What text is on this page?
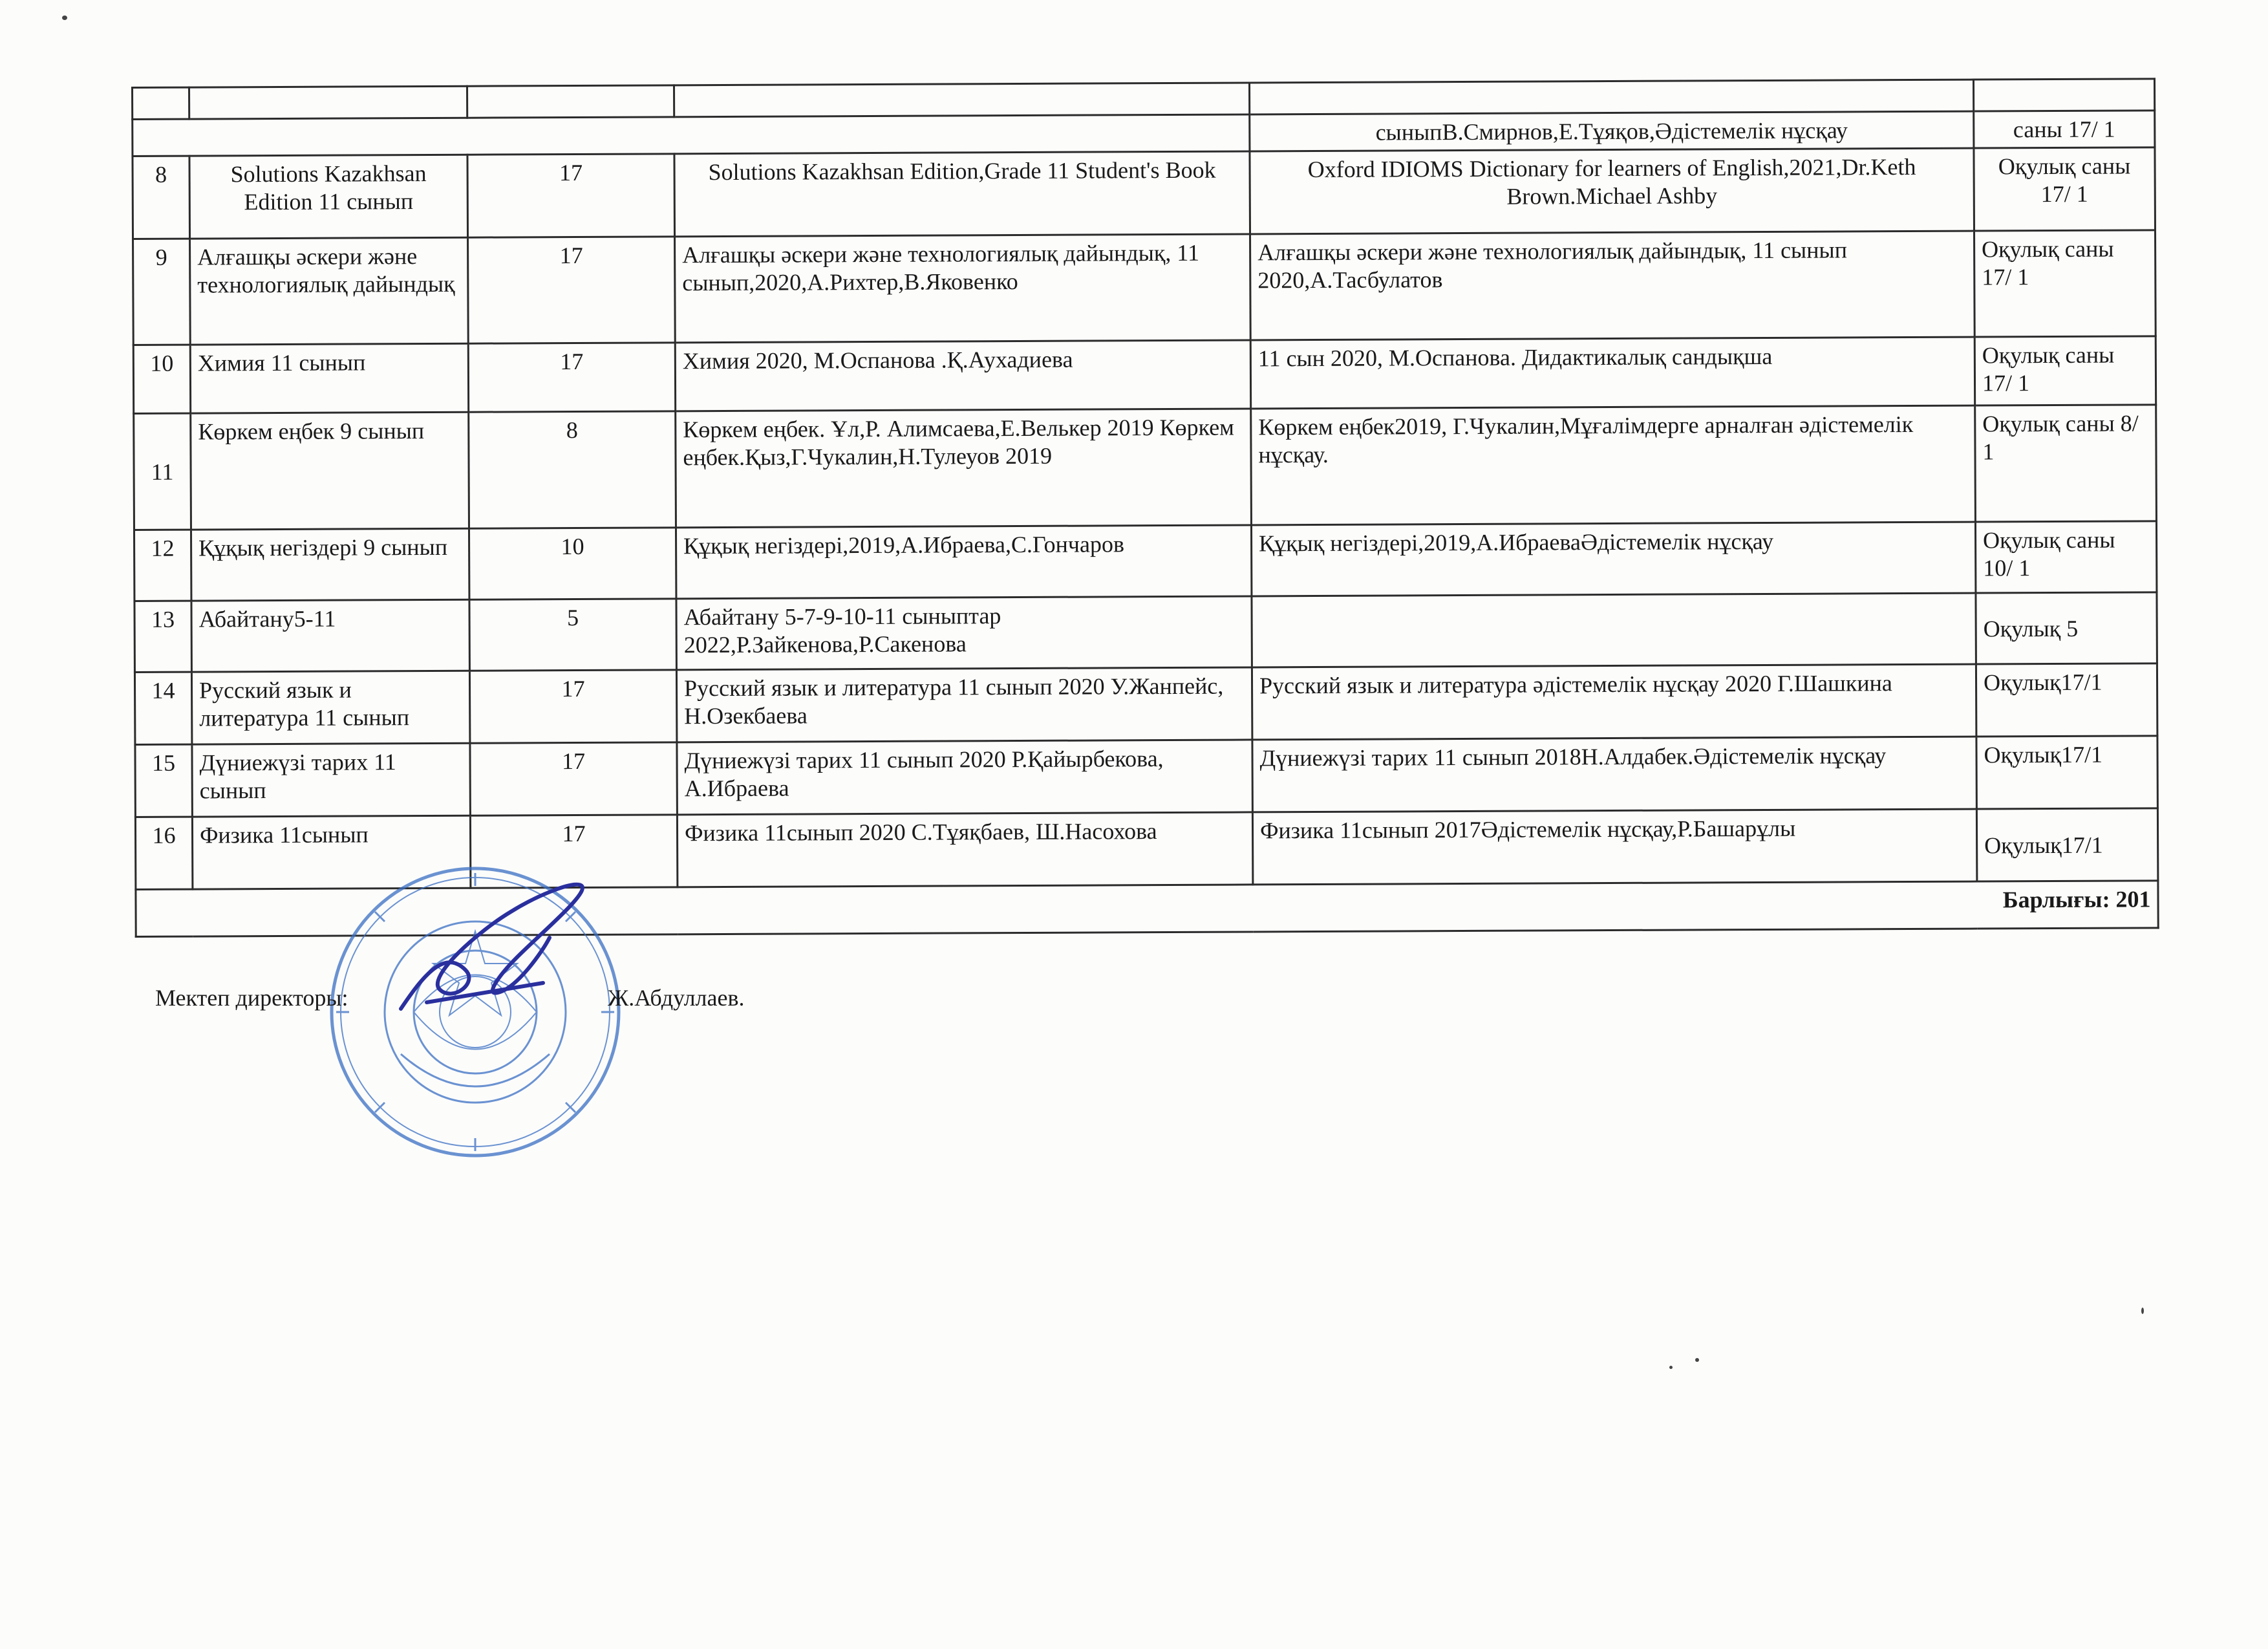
				сыныпВ.Смирнов,Е.Тұяқов,Әдістемелік нұсқау	саны 17/ 1
8	Solutions Kazakhsan Edition 11 сынып	17	Solutions Kazakhsan Edition,Grade 11 Student's Book	Oxford IDIOMS Dictionary for learners of English,2021,Dr.Keth Brown.Michael Ashby	Оқулық саны 17/ 1
9	Алғашқы әскери және технологиялық дайындық	17	Алғашқы әскери және технологиялық дайындық, 11 сынып,2020,А.Рихтер,В.Яковенко	Алғашқы әскери және технологиялық дайындық, 11 сынып 2020,А.Тасбулатов	Оқулық саны 17/ 1
10	Химия 11 сынып	17	Химия 2020, М.Оспанова .Қ.Аухадиева	11 сын 2020, М.Оспанова. Дидактикалық сандықша	Оқулық саны 17/ 1
11	Көркем еңбек 9 сынып	8	Көркем еңбек. Ұл,Р. Алимсаева,Е.Велькер 2019 Көркем еңбек.Қыз,Г.Чукалин,Н.Тулеуов 2019	Көркем еңбек2019, Г.Чукалин,Мұғалімдерге арналған әдістемелік нұсқау.	Оқулық саны 8/ 1
12	Құқық негіздері 9 сынып	10	Құқық негіздері,2019,А.Ибраева,С.Гончаров	Құқық негіздері,2019,А.ИбраеваӘдістемелік нұсқау	Оқулық саны 10/ 1
13	Абайтану5-11	5	Абайтану 5-7-9-10-11 сыныптар 2022,Р.Зайкенова,Р.Сакенова		Оқулық 5
14	Русский язык и литература 11 сынып	17	Русский язык и литература 11 сынып 2020 У.Жанпейс, Н.Озекбаева	Русский язык и литература әдістемелік нұсқау 2020 Г.Шашкина	Оқулық17/1
15	Дүниежүзі тарих 11 сынып	17	Дүниежүзі тарих 11 сынып 2020 Р.Қайырбекова, А.Ибраева	Дүниежүзі тарих 11 сынып 2018Н.Алдабек.Әдістемелік нұсқау	Оқулық17/1
16	Физика 11сынып	17	Физика 11сынып 2020 С.Тұяқбаев, Ш.Насохова	Физика 11сынып 2017Әдістемелік нұсқау,Р.Башарұлы	Оқулық17/1
Барлығы: 201					
Мектеп директоры:	Ж.Абдуллаев.
